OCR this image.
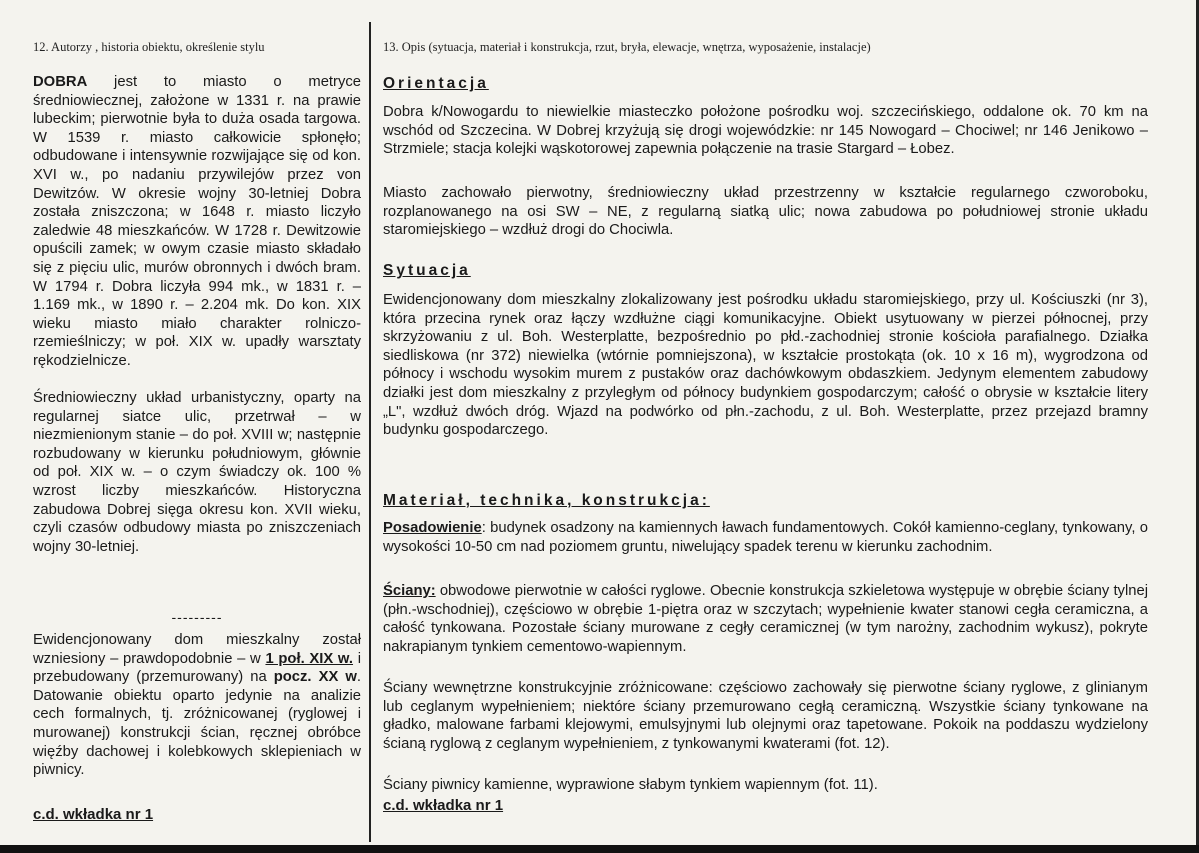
12. Autorzy , historia obiektu, określenie stylu

DOBRA jest to miasto o metryce średniowiecznej, założone w 1331 r. na prawie lubeckim; pierwotnie była to duża osada targowa. W 1539 r. miasto całkowicie spłonęło; odbudowane i intensywnie rozwijające się od kon. XVI w., po nadaniu przywilejów przez von Dewitzów. W okresie wojny 30-letniej Dobra została zniszczona; w 1648 r. miasto liczyło zaledwie 48 mieszkańców. W 1728 r. Dewitzowie opuścili zamek; w owym czasie miasto składało się z pięciu ulic, murów obronnych i dwóch bram. W 1794 r. Dobra liczyła 994 mk., w 1831 r. – 1.169 mk., w 1890 r. – 2.204 mk. Do kon. XIX wieku miasto miało charakter rolniczo-rzemieślniczy; w poł. XIX w. upadły warsztaty rękodzielnicze.

Średniowieczny układ urbanistyczny, oparty na regularnej siatce ulic, przetrwał – w niezmienionym stanie – do poł. XVIII w; następnie rozbudowany w kierunku południowym, głównie od poł. XIX w. – o czym świadczy ok. 100 % wzrost liczby mieszkańców. Historyczna zabudowa Dobrej sięga okresu kon. XVII wieku, czyli czasów odbudowy miasta po zniszczeniach wojny 30-letniej.

---------

Ewidencjonowany dom mieszkalny został wzniesiony – prawdopodobnie – w 1 poł. XIX w. i przebudowany (przemurowany) na pocz. XX w. Datowanie obiektu oparto jedynie na analizie cech formalnych, tj. zróżnicowanej (ryglowej i murowanej) konstrukcji ścian, ręcznej obróbce więźby dachowej i kolebkowych sklepieniach w piwnicy.

c.d. wkładka nr 1
13. Opis (sytuacja, materiał i konstrukcja, rzut, bryła, elewacje, wnętrza, wyposażenie, instalacje)
Orientacja

Dobra k/Nowogardu to niewielkie miasteczko położone pośrodku woj. szczecińskiego, oddalone ok. 70 km na wschód od Szczecina. W Dobrej krzyżują się drogi wojewódzkie: nr 145 Nowogard – Chociwel; nr 146 Jenikowo – Strzmiele; stacja kolejki wąskotorowej zapewnia połączenie na trasie Stargard – Łobez.

Miasto zachowało pierwotny, średniowieczny układ przestrzenny w kształcie regularnego czworoboku, rozplanowanego na osi SW – NE, z regularną siatką ulic; nowa zabudowa po południowej stronie układu staromiejskiego – wzdłuż drogi do Chociwla.

Sytuacja

Ewidencjonowany dom mieszkalny zlokalizowany jest pośrodku układu staromiejskiego, przy ul. Kościuszki (nr 3), która przecina rynek oraz łączy wzdłużne ciągi komunikacyjne. Obiekt usytuowany w pierzei północnej, przy skrzyżowaniu z ul. Boh. Westerplatte, bezpośrednio po płd.-zachodniej stronie kościoła parafialnego. Działka siedliskowa (nr 372) niewielka (wtórnie pomniejszona), w kształcie prostokąta (ok. 10 x 16 m), wygrodzona od północy i wschodu wysokim murem z pustaków oraz dachówkowym obdaszkiem. Jedynym elementem zabudowy działki jest dom mieszkalny z przyległym od północy budynkiem gospodarczym; całość o obrysie w kształcie litery „L", wzdłuż dwóch dróg. Wjazd na podwórko od płn.-zachodu, z ul. Boh. Westerplatte, przez przejazd bramny budynku gospodarczego.

Materiał, technika, konstrukcja:

Posadowienie: budynek osadzony na kamiennych ławach fundamentowych. Cokół kamienno-ceglany, tynkowany, o wysokości 10-50 cm nad poziomem gruntu, niwelujący spadek terenu w kierunku zachodnim.

Ściany: obwodowe pierwotnie w całości ryglowe. Obecnie konstrukcja szkieletowa występuje w obrębie ściany tylnej (płn.-wschodniej), częściowo w obrębie 1-piętra oraz w szczytach; wypełnienie kwater stanowi cegła ceramiczna, a całość tynkowana. Pozostałe ściany murowane z cegły ceramicznej (w tym narożny, zachodnim wykusz), pokryte nakrapianym tynkiem cementowo-wapiennym.

Ściany wewnętrzne konstrukcyjnie zróżnicowane: częściowo zachowały się pierwotne ściany ryglowe, z glinianym lub ceglanym wypełnieniem; niektóre ściany przemurowano cegłą ceramiczną. Wszystkie ściany tynkowane na gładko, malowane farbami klejowymi, emulsyjnymi lub olejnymi oraz tapetowane. Pokoik na poddaszu wydzielony ścianą ryglową z ceglanym wypełnieniem, z tynkowanymi kwaterami (fot. 12).

Ściany piwnicy kamienne, wyprawione słabym tynkiem wapiennym (fot. 11).

c.d. wkładka nr 1
